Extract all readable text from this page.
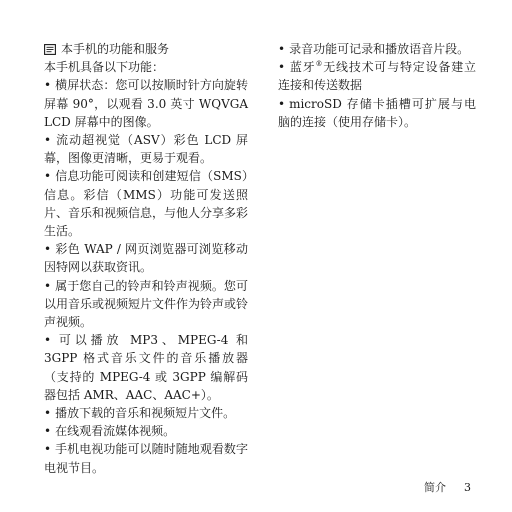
本手机的功能和服务

本手机具备以下功能：

• 横屏状态：您可以按顺时针方向旋转屏幕 90°，以观看 3.0 英寸 WQVGA LCD 屏幕中的图像。

• 流动超视觉（ASV）彩色 LCD 屏幕，图像更清晰，更易于观看。

• 信息功能可阅读和创建短信（SMS）信息。彩信（MMS）功能可发送照片、音乐和视频信息，与他人分享多彩生活。

• 彩色 WAP / 网页浏览器可浏览移动因特网以获取资讯。

• 属于您自己的铃声和铃声视频。您可以用音乐或视频短片文件作为铃声或铃声视频。

• 可以播放 MP3、MPEG-4 和 3GPP 格式音乐文件的音乐播放器（支持的 MPEG-4 或 3GPP 编解码器包括 AMR、AAC、AAC+）。

• 播放下载的音乐和视频短片文件。

• 在线观看流媒体视频。

• 手机电视功能可以随时随地观看数字电视节目。

• 录音功能可记录和播放语音片段。

• 蓝牙®无线技术可与特定设备建立连接和传送数据

• microSD 存储卡插槽可扩展与电脑的连接（使用存储卡）。

简介 3
